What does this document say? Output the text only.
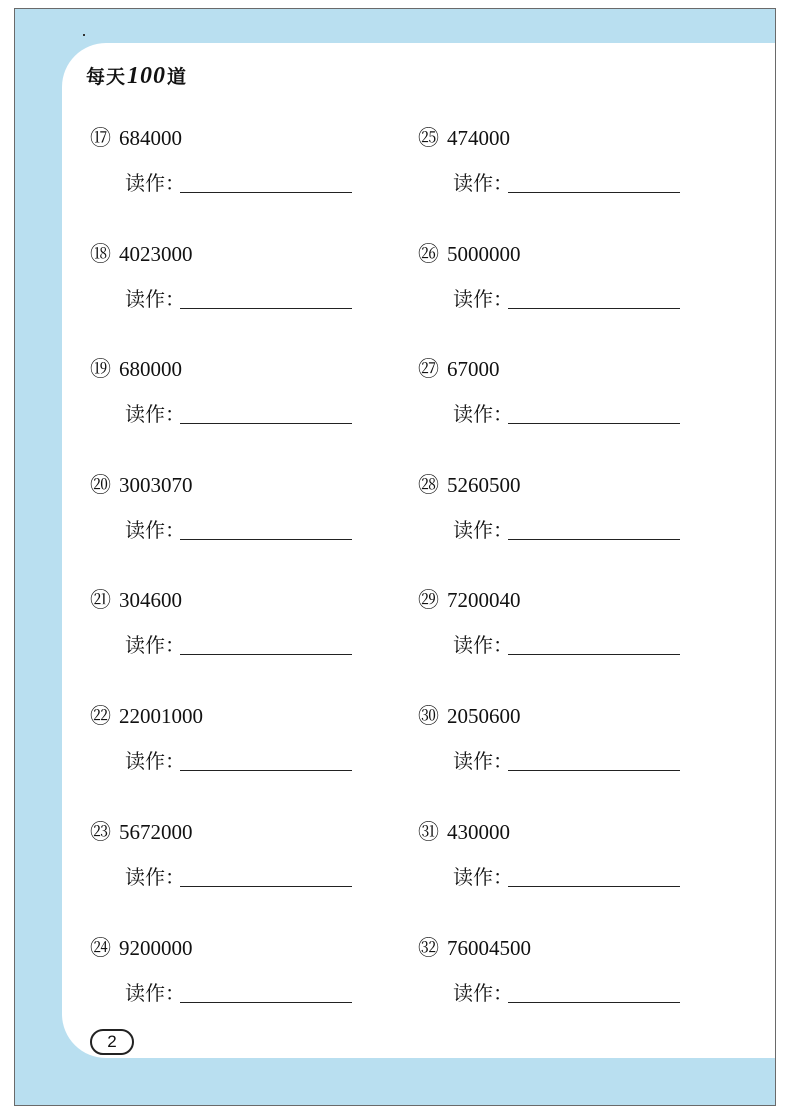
每天100道
⑰ 684000
读作：
⑱ 4023000
读作：
⑲ 680000
读作：
⑳ 3003070
读作：
㉑ 304600
读作：
㉒ 22001000
读作：
㉓ 5672000
读作：
㉔ 9200000
读作：
㉕ 474000
读作：
㉖ 5000000
读作：
㉗ 67000
读作：
㉘ 5260500
读作：
㉙ 7200040
读作：
㉚ 2050600
读作：
㉛ 430000
读作：
㉜ 76004500
读作：
2
